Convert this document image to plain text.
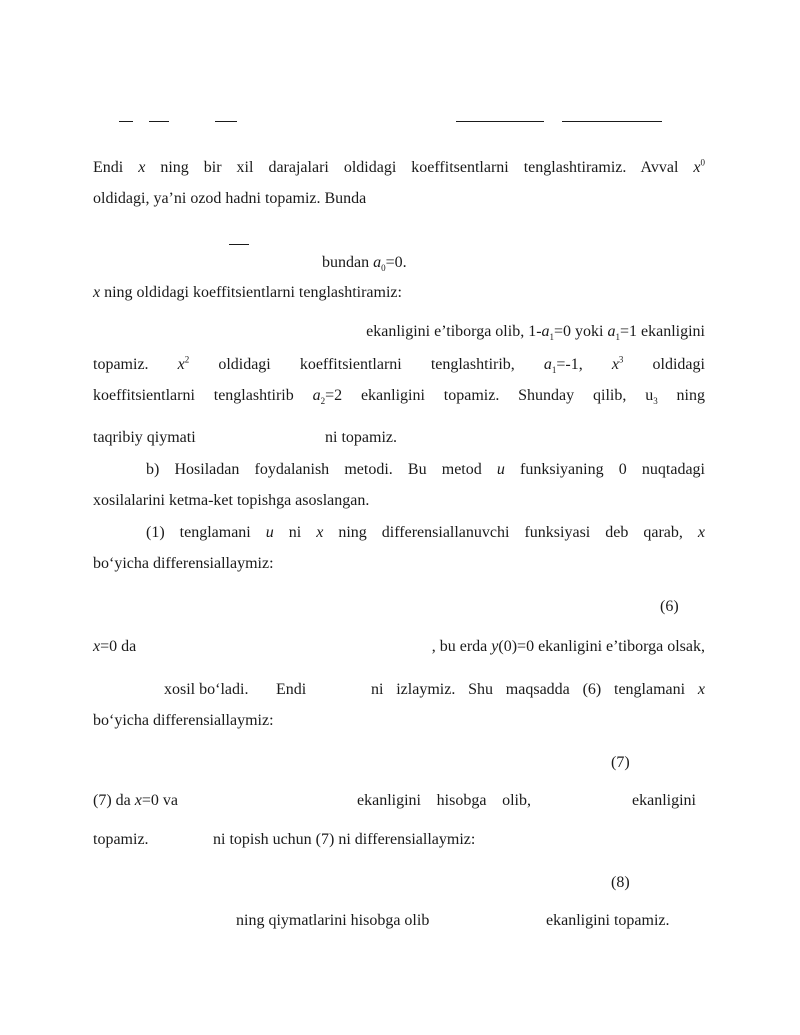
Endi x ning bir xil darajalari oldidagi koeffitsentlarni tenglashtiramiz. Avval $x^0$
oldidagi, ya’ni ozod hadni topamiz. Bunda
bundan $a_0=0$.
x ning oldidagi koeffitsientlarni tenglashtiramiz:
ekanligini e’tiborga olib, $1-a_1=0$ yoki $a_1=1$ ekanligini
topamiz. $x^2$ oldidagi koeffitsientlarni tenglashtirib, $a_1=-1$, $x^3$ oldidagi
koeffitsientlarni tenglashtirib $a_2=2$ ekanligini topamiz. Shunday qilib, $u_3$ ning
taqribiy qiymati	ni topamiz.
b) Hosiladan foydalanish metodi. Bu metod u funksiyaning 0 nuqtadagi
xosilalarini ketma-ket topishga asoslangan.
(1) tenglamani u ni x ning differensiallanuvchi funksiyasi deb qarab, x
bo‘yicha differensiallaymiz:
(6)
x=0 da	, bu erda y(0)=0 ekanligini e’tiborga olsak,
xosil bo‘ladi. Endi	ni izlaymiz. Shu maqsadda (6) tenglamani x
bo‘yicha differensiallaymiz:
(7)
(7) da x=0 va	ekanligini hisobga olib,	ekanligini
topamiz.	ni topish uchun (7) ni differensiallaymiz:
(8)
ning qiymatlarini hisobga olib	ekanligini topamiz.
